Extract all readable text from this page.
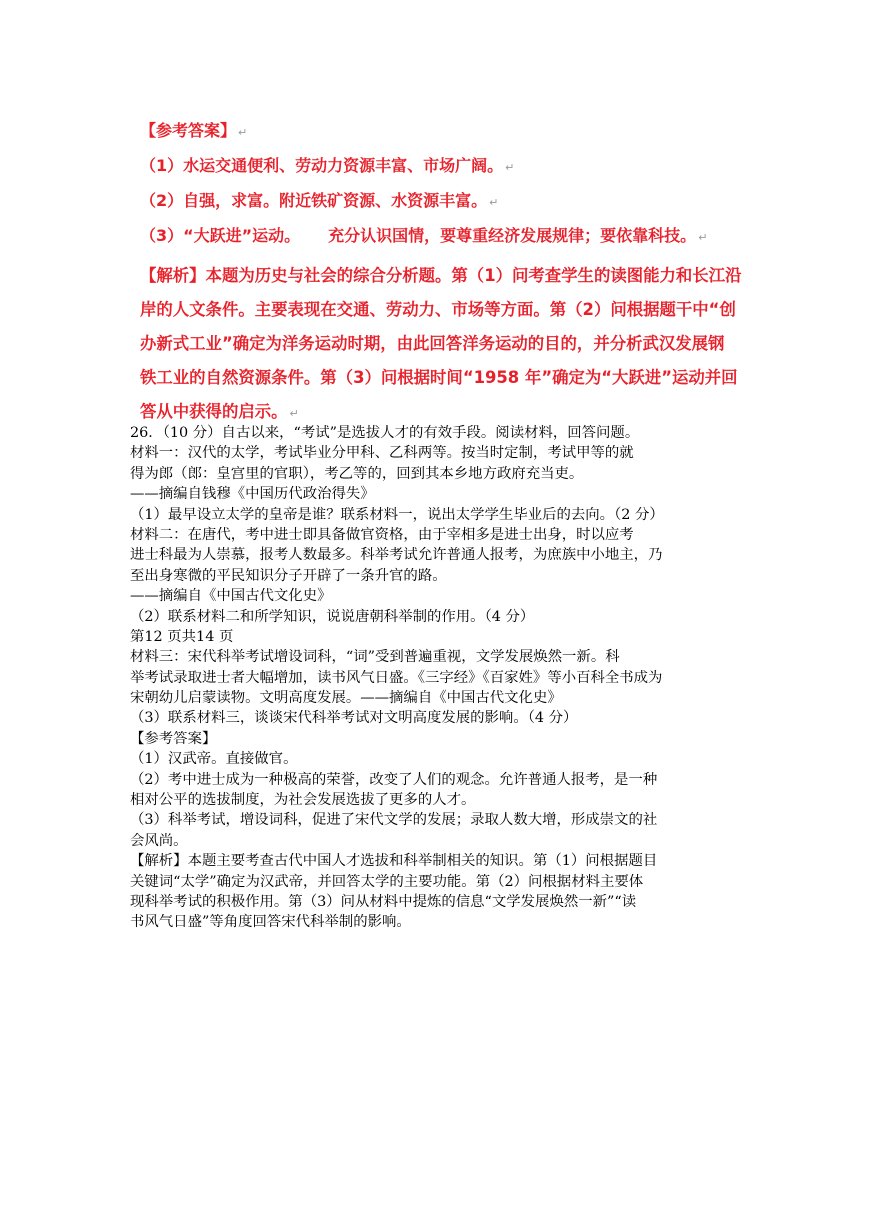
【参考答案】 ↵
（1）水运交通便利、劳动力资源丰富、市场广阔。 ↵
（2）自强，求富。附近铁矿资源、水资源丰富。 ↵
（3）“大跃进”运动。 充分认识国情，要尊重经济发展规律；要依靠科技。 ↵
【解析】本题为历史与社会的综合分析题。第（1）问考查学生的读图能力和长江沿
岸的人文条件。主要表现在交通、劳动力、市场等方面。第（2）问根据题干中“创
办新式工业”确定为洋务运动时期，由此回答洋务运动的目的，并分析武汉发展钢
铁工业的自然资源条件。第（3）问根据时间“1958 年”确定为“大跃进”运动并回
答从中获得的启示。 ↵
26．（10 分）自古以来，“考试”是选拔人才的有效手段。阅读材料，回答问题。
材料一：汉代的太学，考试毕业分甲科、乙科两等。按当时定制，考试甲等的就
得为郎（郎：皇宫里的官职），考乙等的，回到其本乡地方政府充当吏。
——摘编自钱穆《中国历代政治得失》
（1）最早设立太学的皇帝是谁？联系材料一，说出太学学生毕业后的去向。（2 分）
材料二：在唐代，考中进士即具备做官资格，由于宰相多是进士出身，时以应考
进士科最为人崇慕，报考人数最多。科举考试允许普通人报考，为庶族中小地主，乃
至出身寒微的平民知识分子开辟了一条升官的路。
——摘编自《中国古代文化史》
（2）联系材料二和所学知识，说说唐朝科举制的作用。（4 分）
第12 页共14 页
材料三：宋代科举考试增设词科，“词”受到普遍重视，文学发展焕然一新。科
举考试录取进士者大幅增加，读书风气日盛。《三字经》《百家姓》等小百科全书成为
宋朝幼儿启蒙读物。文明高度发展。——摘编自《中国古代文化史》
（3）联系材料三，谈谈宋代科举考试对文明高度发展的影响。（4 分）
【参考答案】
（1）汉武帝。直接做官。
（2）考中进士成为一种极高的荣誉，改变了人们的观念。允许普通人报考，是一种
相对公平的选拔制度，为社会发展选拔了更多的人才。
（3）科举考试，增设词科，促进了宋代文学的发展；录取人数大增，形成崇文的社
会风尚。
【解析】本题主要考查古代中国人才选拔和科举制相关的知识。第（1）问根据题目
关键词“太学”确定为汉武帝，并回答太学的主要功能。第（2）问根据材料主要体
现科举考试的积极作用。第（3）问从材料中提炼的信息“文学发展焕然一新”“读
书风气日盛”等角度回答宋代科举制的影响。
